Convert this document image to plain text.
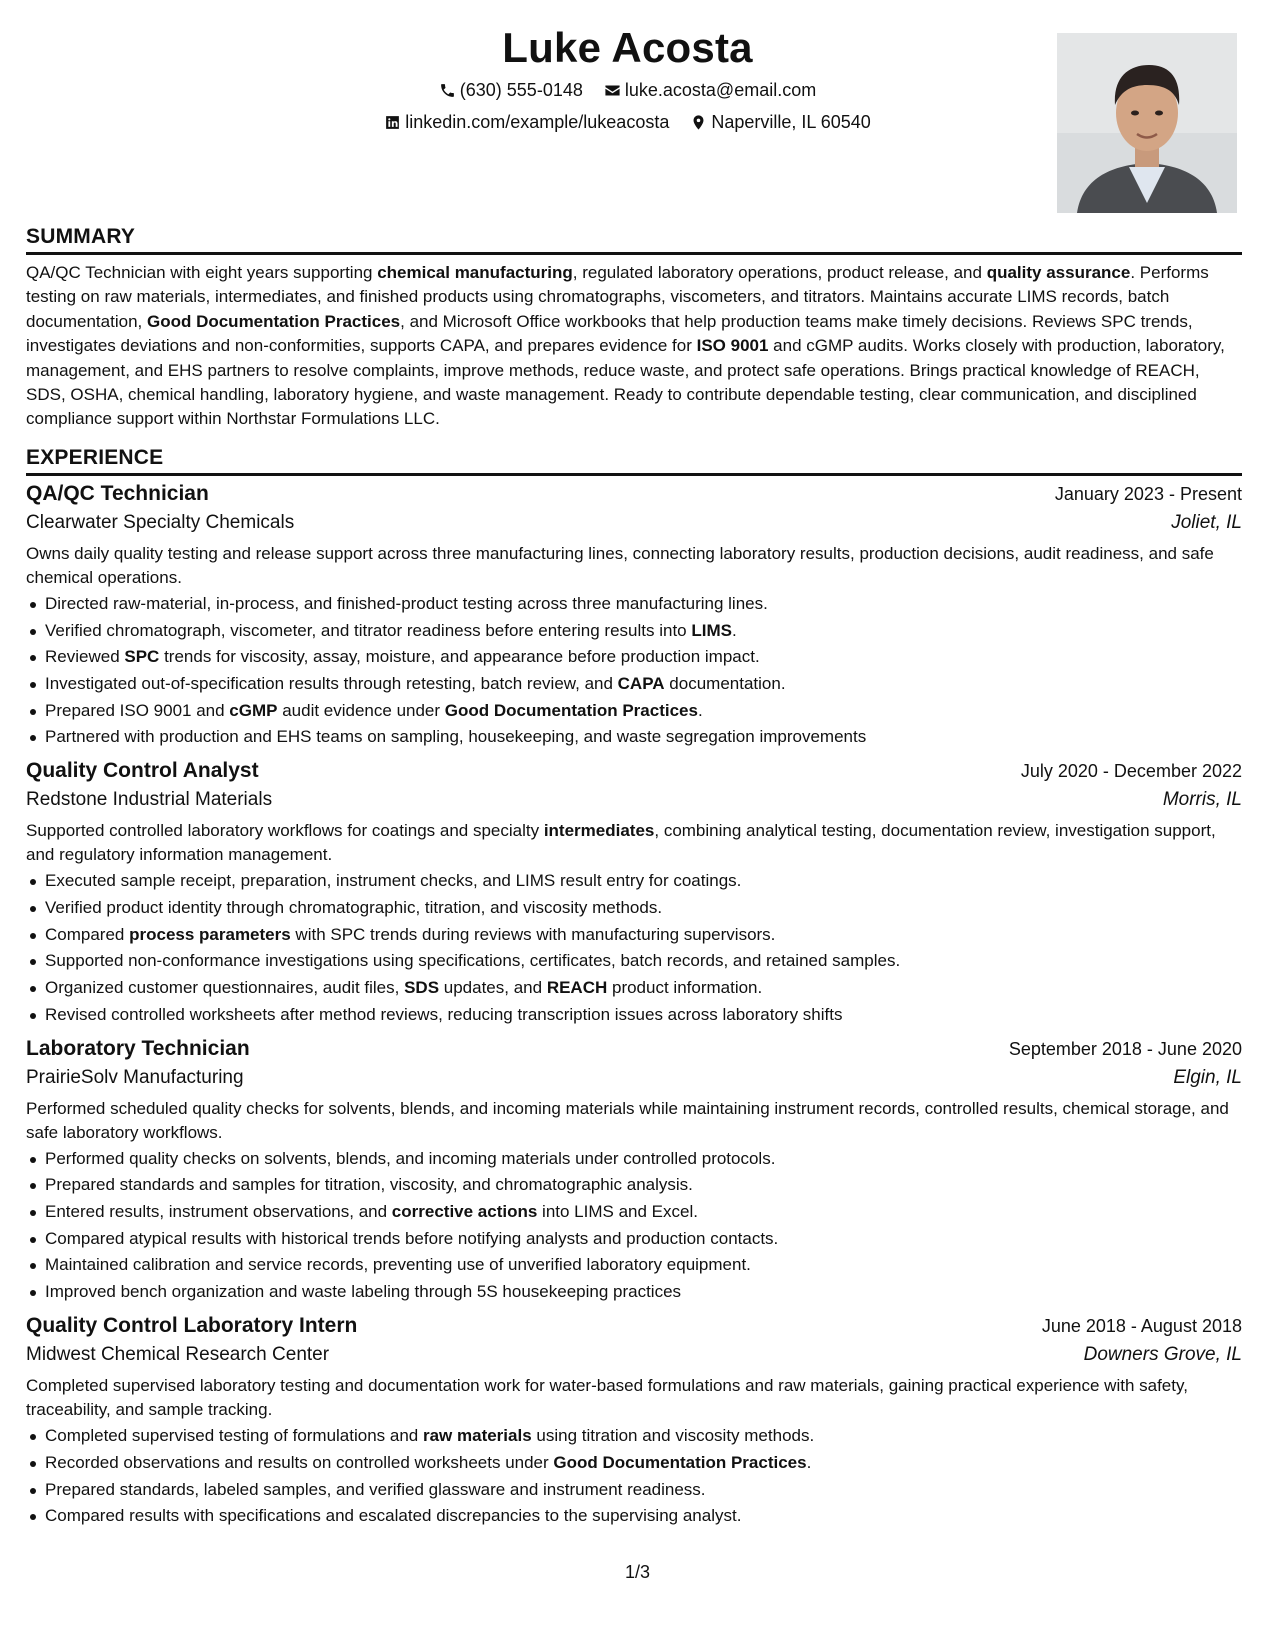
Luke Acosta
(630) 555-0148
luke.acosta@email.com
linkedin.com/example/lukeacosta
Naperville, IL 60540
SUMMARY
QA/QC Technician with eight years supporting chemical manufacturing, regulated laboratory operations, product release, and quality assurance. Performs testing on raw materials, intermediates, and finished products using chromatographs, viscometers, and titrators. Maintains accurate LIMS records, batch documentation, Good Documentation Practices, and Microsoft Office workbooks that help production teams make timely decisions. Reviews SPC trends, investigates deviations and non-conformities, supports CAPA, and prepares evidence for ISO 9001 and cGMP audits. Works closely with production, laboratory, management, and EHS partners to resolve complaints, improve methods, reduce waste, and protect safe operations. Brings practical knowledge of REACH, SDS, OSHA, chemical handling, laboratory hygiene, and waste management. Ready to contribute dependable testing, clear communication, and disciplined compliance support within Northstar Formulations LLC.
EXPERIENCE
QA/QC Technician	January 2023 - Present
Clearwater Specialty Chemicals	Joliet, IL
Owns daily quality testing and release support across three manufacturing lines, connecting laboratory results, production decisions, audit readiness, and safe chemical operations.
Directed raw-material, in-process, and finished-product testing across three manufacturing lines.
Verified chromatograph, viscometer, and titrator readiness before entering results into LIMS.
Reviewed SPC trends for viscosity, assay, moisture, and appearance before production impact.
Investigated out-of-specification results through retesting, batch review, and CAPA documentation.
Prepared ISO 9001 and cGMP audit evidence under Good Documentation Practices.
Partnered with production and EHS teams on sampling, housekeeping, and waste segregation improvements
Quality Control Analyst	July 2020 - December 2022
Redstone Industrial Materials	Morris, IL
Supported controlled laboratory workflows for coatings and specialty intermediates, combining analytical testing, documentation review, investigation support, and regulatory information management.
Executed sample receipt, preparation, instrument checks, and LIMS result entry for coatings.
Verified product identity through chromatographic, titration, and viscosity methods.
Compared process parameters with SPC trends during reviews with manufacturing supervisors.
Supported non-conformance investigations using specifications, certificates, batch records, and retained samples.
Organized customer questionnaires, audit files, SDS updates, and REACH product information.
Revised controlled worksheets after method reviews, reducing transcription issues across laboratory shifts
Laboratory Technician	September 2018 - June 2020
PrairieSolv Manufacturing	Elgin, IL
Performed scheduled quality checks for solvents, blends, and incoming materials while maintaining instrument records, controlled results, chemical storage, and safe laboratory workflows.
Performed quality checks on solvents, blends, and incoming materials under controlled protocols.
Prepared standards and samples for titration, viscosity, and chromatographic analysis.
Entered results, instrument observations, and corrective actions into LIMS and Excel.
Compared atypical results with historical trends before notifying analysts and production contacts.
Maintained calibration and service records, preventing use of unverified laboratory equipment.
Improved bench organization and waste labeling through 5S housekeeping practices
Quality Control Laboratory Intern	June 2018 - August 2018
Midwest Chemical Research Center	Downers Grove, IL
Completed supervised laboratory testing and documentation work for water-based formulations and raw materials, gaining practical experience with safety, traceability, and sample tracking.
Completed supervised testing of formulations and raw materials using titration and viscosity methods.
Recorded observations and results on controlled worksheets under Good Documentation Practices.
Prepared standards, labeled samples, and verified glassware and instrument readiness.
Compared results with specifications and escalated discrepancies to the supervising analyst.
1/3
